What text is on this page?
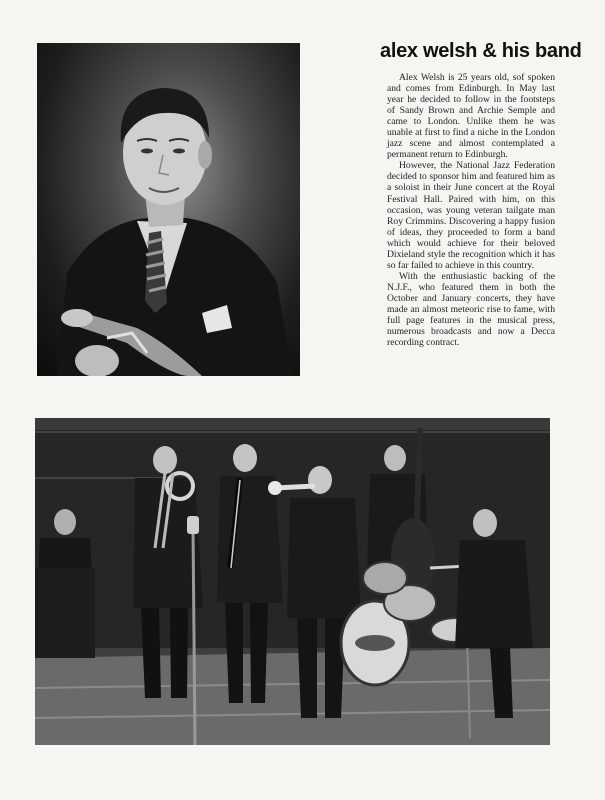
alex welsh & his band

Alex Welsh is 25 years old, sof spoken and comes from Edinburgh. In May last year he decided to follow in the footsteps of Sandy Brown and Archie Semple and came to London. Unlike them he was unable at first to find a niche in the London jazz scene and almost contemplated a permanent return to Edinburgh.

However, the National Jazz Federation decided to sponsor him and featured him as a soloist in their June concert at the Royal Festival Hall. Paired with him, on this occasion, was young veteran tailgate man Roy Crimmins. Discovering a happy fusion of ideas, they proceeded to form a band which would achieve for their beloved Dixieland style the recognition which it has so far failed to achieve in this country.

With the enthusiastic backing of the N.J.F., who featured them in both the October and January concerts, they have made an almost meteoric rise to fame, with full page features in the musical press, numerous broadcasts and now a Decca recording contract.
